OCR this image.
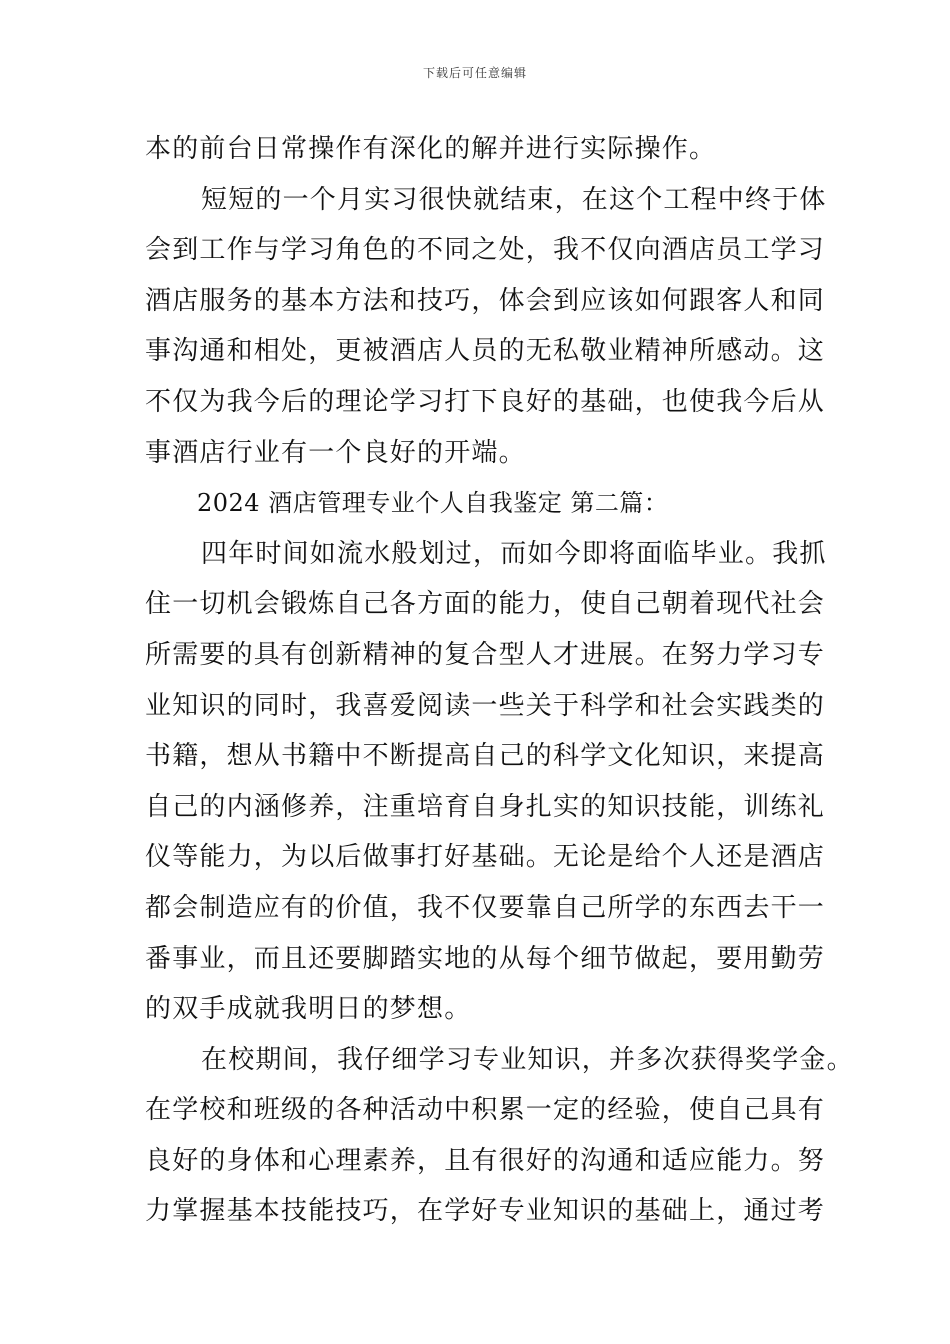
下载后可任意编辑
本的前台日常操作有深化的解并进行实际操作。
短短的一个月实习很快就结束，在这个工程中终于体
会到工作与学习角色的不同之处，我不仅向酒店员工学习
酒店服务的基本方法和技巧，体会到应该如何跟客人和同
事沟通和相处，更被酒店人员的无私敬业精神所感动。这
不仅为我今后的理论学习打下良好的基础，也使我今后从
事酒店行业有一个良好的开端。
2024 酒店管理专业个人自我鉴定 第二篇：
四年时间如流水般划过，而如今即将面临毕业。我抓
住一切机会锻炼自己各方面的能力，使自己朝着现代社会
所需要的具有创新精神的复合型人才进展。在努力学习专
业知识的同时，我喜爱阅读一些关于科学和社会实践类的
书籍，想从书籍中不断提高自己的科学文化知识，来提高
自己的内涵修养，注重培育自身扎实的知识技能，训练礼
仪等能力，为以后做事打好基础。无论是给个人还是酒店
都会制造应有的价值，我不仅要靠自己所学的东西去干一
番事业，而且还要脚踏实地的从每个细节做起，要用勤劳
的双手成就我明日的梦想。
在校期间，我仔细学习专业知识，并多次获得奖学金。
在学校和班级的各种活动中积累一定的经验，使自己具有
良好的身体和心理素养，且有很好的沟通和适应能力。努
力掌握基本技能技巧，在学好专业知识的基础上，通过考
